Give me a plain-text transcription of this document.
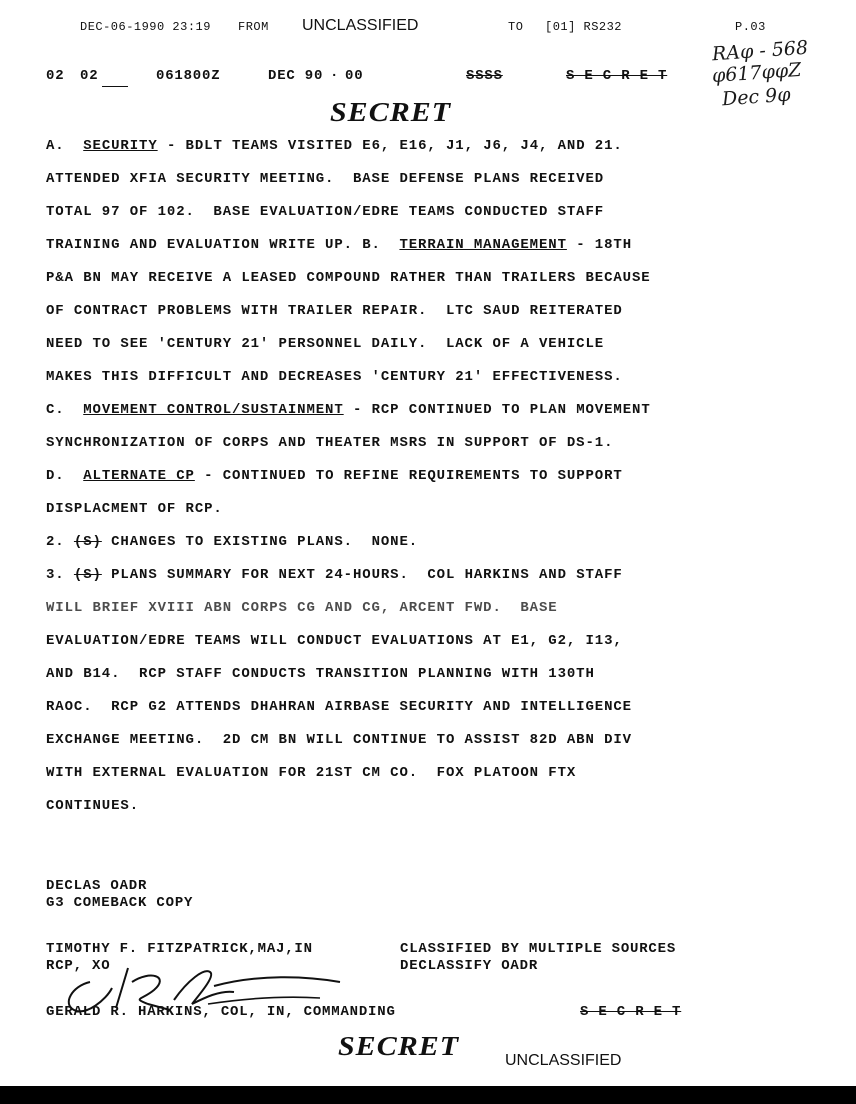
DEC-06-1990 23:19 FROM UNCLASSIFIED	TO [01] RS232	P.03
RAφ - 568
φ617φφZ
Dec 9φ
02 02	061800Z	DEC 90 · 00	SSSS	S E C R E T
SECRET
A.  SECURITY - BDLT TEAMS VISITED E6, E16, J1, J6, J4, AND 21.
ATTENDED XFIA SECURITY MEETING.  BASE DEFENSE PLANS RECEIVED
TOTAL 97 OF 102.  BASE EVALUATION/EDRE TEAMS CONDUCTED STAFF
TRAINING AND EVALUATION WRITE UP. B.  TERRAIN MANAGEMENT - 18TH
P&A BN MAY RECEIVE A LEASED COMPOUND RATHER THAN TRAILERS BECAUSE
OF CONTRACT PROBLEMS WITH TRAILER REPAIR.  LTC SAUD REITERATED
NEED TO SEE 'CENTURY 21' PERSONNEL DAILY.  LACK OF A VEHICLE
MAKES THIS DIFFICULT AND DECREASES 'CENTURY 21' EFFECTIVENESS.
C.  MOVEMENT CONTROL/SUSTAINMENT - RCP CONTINUED TO PLAN MOVEMENT
SYNCHRONIZATION OF CORPS AND THEATER MSRS IN SUPPORT OF DS-1.
D.  ALTERNATE CP - CONTINUED TO REFINE REQUIREMENTS TO SUPPORT
DISPLACMENT OF RCP.
2. (S) CHANGES TO EXISTING PLANS.  NONE.
3. (S) PLANS SUMMARY FOR NEXT 24-HOURS.  COL HARKINS AND STAFF
WILL BRIEF XVIII ABN CORPS CG AND CG, ARCENT FWD.  BASE
EVALUATION/EDRE TEAMS WILL CONDUCT EVALUATIONS AT E1, G2, I13,
AND B14.  RCP STAFF CONDUCTS TRANSITION PLANNING WITH 130TH
RAOC.  RCP G2 ATTENDS DHAHRAN AIRBASE SECURITY AND INTELLIGENCE
EXCHANGE MEETING.  2D CM BN WILL CONTINUE TO ASSIST 82D ABN DIV
WITH EXTERNAL EVALUATION FOR 21ST CM CO.  FOX PLATOON FTX
CONTINUES.
DECLAS OADR
G3 COMEBACK COPY
TIMOTHY F. FITZPATRICK,MAJ,IN
RCP, XO
CLASSIFIED BY MULTIPLE SOURCES
DECLASSIFY OADR
GERALD R. HARKINS, COL, IN, COMMANDING	S E C R E T
SECRET	UNCLASSIFIED
